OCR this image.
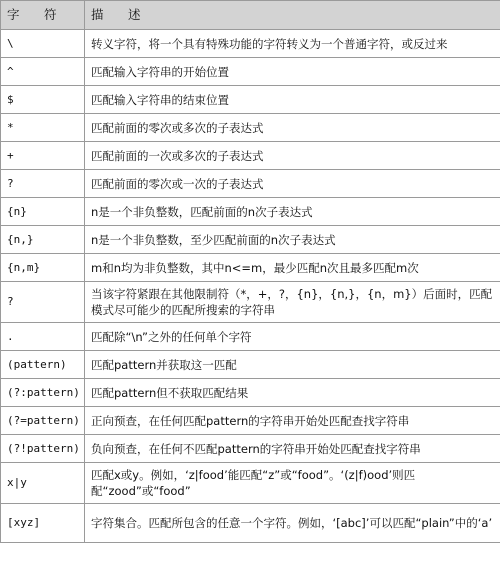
字　符	描　述
\	转义字符，将一个具有特殊功能的字符转义为一个普通字符，或反过来
^	匹配输入字符串的开始位置
$	匹配输入字符串的结束位置
*	匹配前面的零次或多次的子表达式
+	匹配前面的一次或多次的子表达式
?	匹配前面的零次或一次的子表达式
{n}	n是一个非负整数，匹配前面的n次子表达式
{n,}	n是一个非负整数，至少匹配前面的n次子表达式
{n,m}	m和n均为非负整数，其中n<=m，最少匹配n次且最多匹配m次
?	当该字符紧跟在其他限制符（*，+，?，{n}，{n,}，{n，m}）后面时，匹配模式尽可能少的匹配所搜索的字符串
.	匹配除“\n”之外的任何单个字符
(pattern)	匹配pattern并获取这一匹配
(?:pattern)	匹配pattern但不获取匹配结果
(?=pattern)	正向预查，在任何匹配pattern的字符串开始处匹配查找字符串
(?!pattern)	负向预查，在任何不匹配pattern的字符串开始处匹配查找字符串
x|y	匹配x或y。例如，‘z|food’能匹配“z”或“food”。‘(z|f)ood’则匹配“zood”或“food”
[xyz]	字符集合。匹配所包含的任意一个字符。例如，‘[abc]’可以匹配“plain”中的‘a’
